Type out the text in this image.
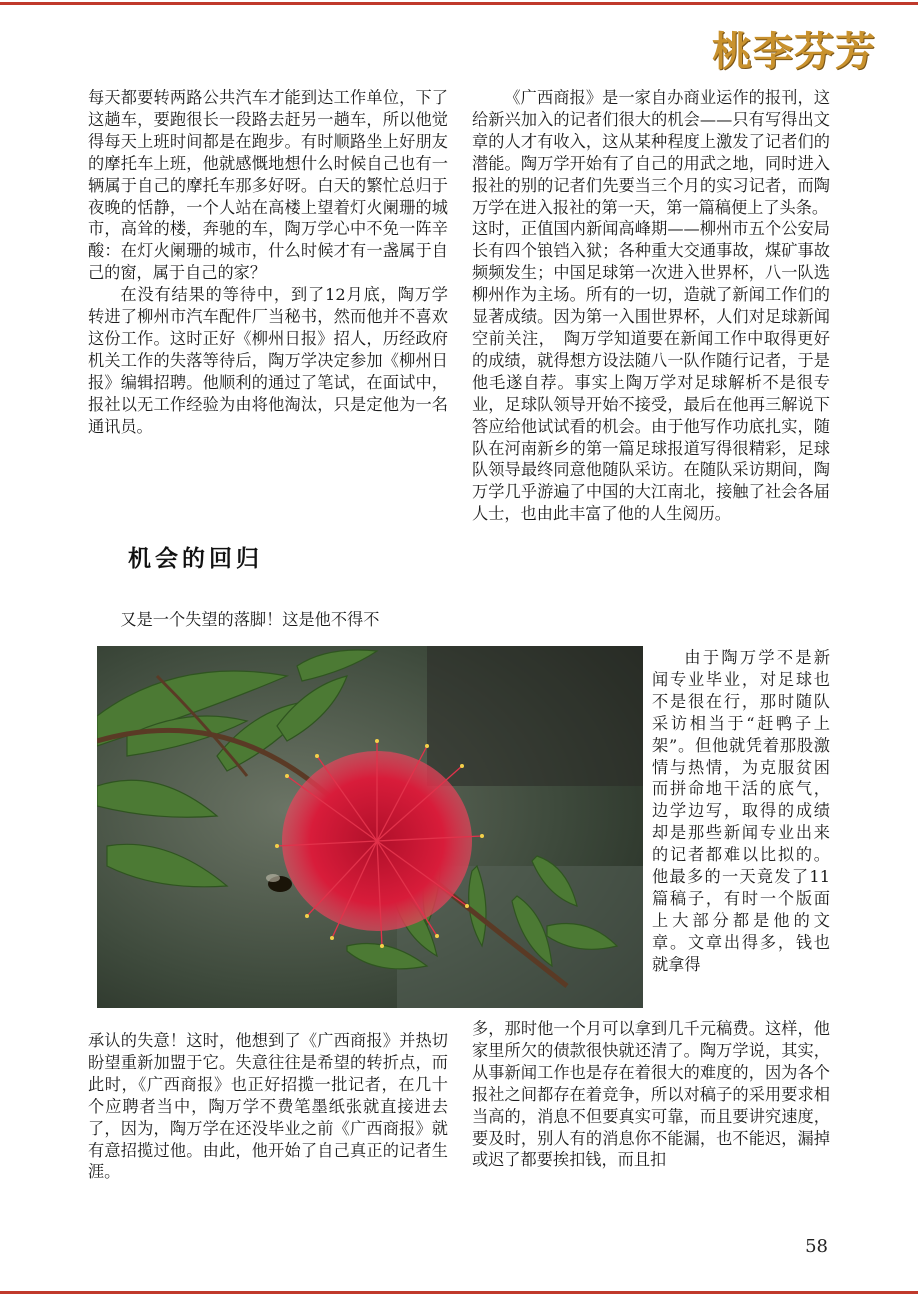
桃李芬芳

每天都要转两路公共汽车才能到达工作单位，下了这趟车，要跑很长一段路去赶另一趟车，所以他觉得每天上班时间都是在跑步。有时顺路坐上好朋友的摩托车上班，他就感慨地想什么时候自己也有一辆属于自己的摩托车那多好呀。白天的繁忙总归于夜晚的恬静，一个人站在高楼上望着灯火阑珊的城市，高耸的楼，奔驰的车，陶万学心中不免一阵辛酸：在灯火阑珊的城市，什么时候才有一盏属于自己的窗，属于自己的家？

在没有结果的等待中，到了12月底，陶万学转进了柳州市汽车配件厂当秘书，然而他并不喜欢这份工作。这时正好《柳州日报》招人，历经政府机关工作的失落等待后，陶万学决定参加《柳州日报》编辑招聘。他顺利的通过了笔试，在面试中，报社以无工作经验为由将他淘汰，只是定他为一名通讯员。

机会的回归

又是一个失望的落脚！这是他不得不

承认的失意！这时，他想到了《广西商报》并热切盼望重新加盟于它。失意往往是希望的转折点，而此时，《广西商报》也正好招揽一批记者，在几十个应聘者当中，陶万学不费笔墨纸张就直接进去了，因为，陶万学在还没毕业之前《广西商报》就有意招揽过他。由此，他开始了自己真正的记者生涯。

《广西商报》是一家自办商业运作的报刊，这给新兴加入的记者们很大的机会——只有写得出文章的人才有收入，这从某种程度上激发了记者们的潜能。陶万学开始有了自己的用武之地，同时进入报社的别的记者们先要当三个月的实习记者，而陶万学在进入报社的第一天，第一篇稿便上了头条。

这时，正值国内新闻高峰期——柳州市五个公安局长有四个锒铛入狱；各种重大交通事故，煤矿事故频频发生；中国足球第一次进入世界杯，八一队选柳州作为主场。所有的一切，造就了新闻工作们的显著成绩。因为第一入围世界杯，人们对足球新闻空前关注，　陶万学知道要在新闻工作中取得更好的成绩，就得想方设法随八一队作随行记者，于是他毛遂自荐。事实上陶万学对足球解析不是很专业，足球队领导开始不接受，最后在他再三解说下答应给他试试看的机会。由于他写作功底扎实，随队在河南新乡的第一篇足球报道写得很精彩，足球队领导最终同意他随队采访。在随队采访期间，陶万学几乎游遍了中国的大江南北，接触了社会各届人士，也由此丰富了他的人生阅历。

由于陶万学不是新闻专业毕业，对足球也不是很在行，那时随队采访相当于“赶鸭子上架”。但他就凭着那股激情与热情，为克服贫困而拼命地干活的底气，边学边写，取得的成绩却是那些新闻专业出来的记者都难以比拟的。他最多的一天竟发了11篇稿子，有时一个版面上大部分都是他的文章。文章出得多，钱也就拿得

多，那时他一个月可以拿到几千元稿费。这样，他家里所欠的债款很快就还清了。陶万学说，其实，从事新闻工作也是存在着很大的难度的，因为各个报社之间都存在着竞争，所以对稿子的采用要求相当高的，消息不但要真实可靠，而且要讲究速度，要及时，别人有的消息你不能漏，也不能迟，漏掉或迟了都要挨扣钱，而且扣

58
